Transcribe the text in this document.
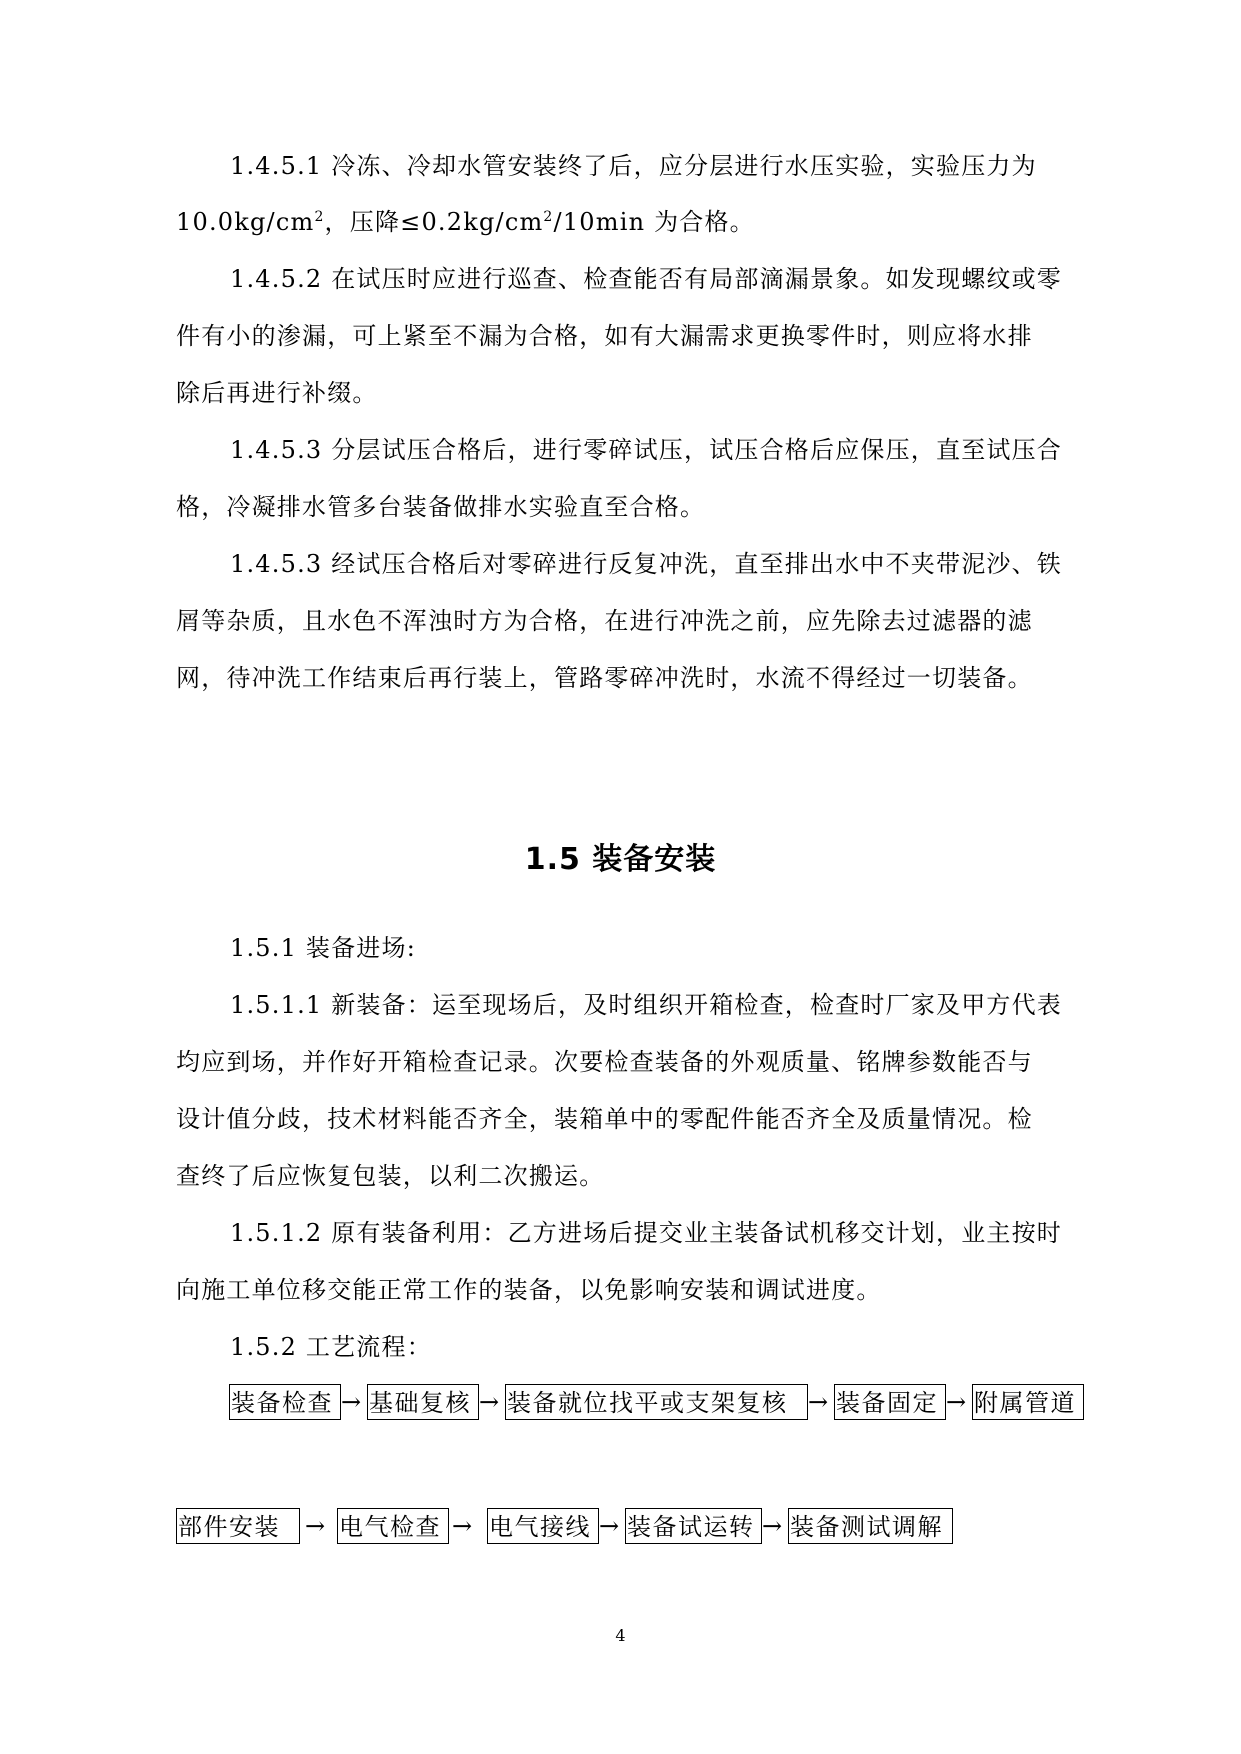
1.4.5.1 冷冻、冷却水管安装终了后，应分层进行水压实验，实验压力为
$10.0kg/cm^2$，压降$\le 0.2kg/cm^2/10\min$ 为合格。
1.4.5.2 在试压时应进行巡查、检查能否有局部滴漏景象。如发现螺纹或零
件有小的渗漏，可上紧至不漏为合格，如有大漏需求更换零件时，则应将水排
除后再进行补缀。
1.4.5.3 分层试压合格后，进行零碎试压，试压合格后应保压，直至试压合
格，冷凝排水管多台装备做排水实验直至合格。
1.4.5.3 经试压合格后对零碎进行反复冲洗，直至排出水中不夹带泥沙、铁
屑等杂质，且水色不浑浊时方为合格，在进行冲洗之前，应先除去过滤器的滤
网，待冲洗工作结束后再行装上，管路零碎冲洗时，水流不得经过一切装备。
1.5 装备安装
1.5.1 装备进场:
1.5.1.1 新装备：运至现场后，及时组织开箱检查，检查时厂家及甲方代表
均应到场，并作好开箱检查记录。次要检查装备的外观质量、铭牌参数能否与
设计值分歧，技术材料能否齐全，装箱单中的零配件能否齐全及质量情况。检
查终了后应恢复包装，以利二次搬运。
1.5.1.2 原有装备利用：乙方进场后提交业主装备试机移交计划，业主按时
向施工单位移交能正常工作的装备，以免影响安装和调试进度。
1.5.2 工艺流程：
装备检查 → 基础复核 → 装备就位找平或支架复核 → 装备固定 → 附属管道
部件安装	→ 电气检查 → 电气接线 → 装备试运转 → 装备测试调解
4
